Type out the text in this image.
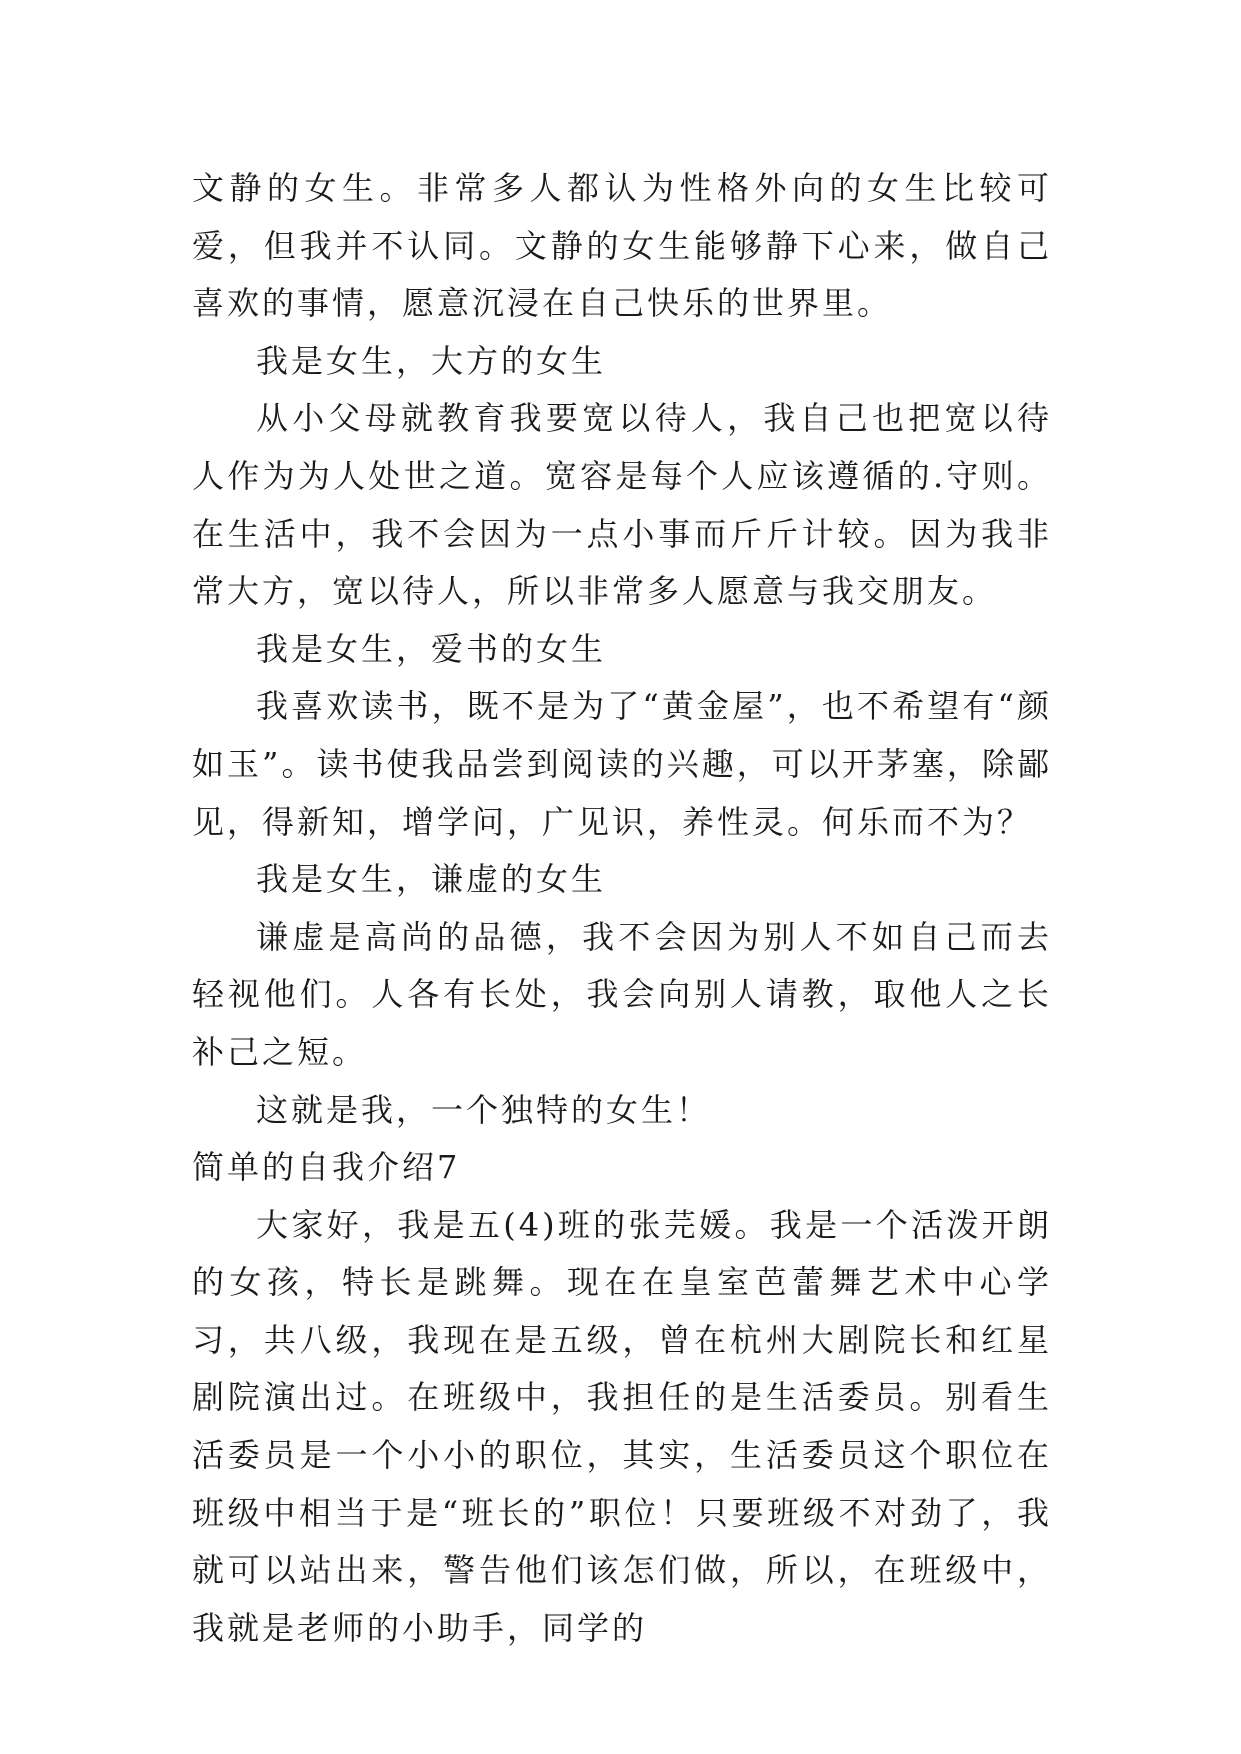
文静的女生。非常多人都认为性格外向的女生比较可爱，但我并不认同。文静的女生能够静下心来，做自己喜欢的事情，愿意沉浸在自己快乐的世界里。

我是女生，大方的女生

从小父母就教育我要宽以待人，我自己也把宽以待人作为为人处世之道。宽容是每个人应该遵循的.守则。在生活中，我不会因为一点小事而斤斤计较。因为我非常大方，宽以待人，所以非常多人愿意与我交朋友。

我是女生，爱书的女生

我喜欢读书，既不是为了“黄金屋”，也不希望有“颜如玉”。读书使我品尝到阅读的兴趣，可以开茅塞，除鄙见，得新知，增学问，广见识，养性灵。何乐而不为？

我是女生，谦虚的女生

谦虚是高尚的品德，我不会因为别人不如自己而去轻视他们。人各有长处，我会向别人请教，取他人之长补己之短。

这就是我，一个独特的女生！

简单的自我介绍7

大家好，我是五(4)班的张芫媛。我是一个活泼开朗的女孩，特长是跳舞。现在在皇室芭蕾舞艺术中心学习，共八级，我现在是五级，曾在杭州大剧院长和红星剧院演出过。在班级中，我担任的是生活委员。别看生活委员是一个小小的职位，其实，生活委员这个职位在班级中相当于是“班长的”职位！只要班级不对劲了，我就可以站出来，警告他们该怎们做，所以，在班级中，我就是老师的小助手，同学的
